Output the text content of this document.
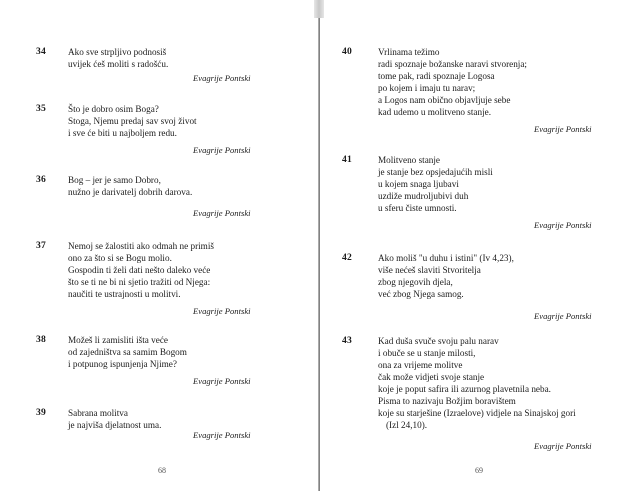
34 Ako sve strpljivo podnosiš
uvijek ćeš moliti s radošću.
Evagrije Pontski
35 Što je dobro osim Boga?
Stoga, Njemu predaj sav svoj život
i sve će biti u najboljem redu.
Evagrije Pontski
36 Bog – jer je samo Dobro,
nužno je darivatelj dobrih darova.
Evagrije Pontski
37 Nemoj se žalostiti ako odmah ne primiš
ono za što si se Bogu molio.
Gospodin ti želi dati nešto daleko veće
što se ti ne bi ni sjetio tražiti od Njega:
naučiti te ustrajnosti u molitvi.
Evagrije Pontski
38 Možeš li zamisliti išta veće
od zajedništva sa samim Bogom
i potpunog ispunjenja Njime?
Evagrije Pontski
39 Sabrana molitva
je najviša djelatnost uma.
Evagrije Pontski
68
40	Vrlinama težimo
radi spoznaje božanske naravi stvorenja;
tome pak, radi spoznaje Logosa
po kojem i imaju tu narav;
a Logos nam obično objavljuje sebe
kad udemo u molitveno stanje.
Evagrije Pontski
41	Molitveno stanje
je stanje bez opsjedajućih misli
u kojem snaga ljubavi
uzdiže mudroljubivi duh
u sferu čiste umnosti.
Evagrije Pontski
42	Ako moliš "u duhu i istini" (Iv 4,23),
više nećeš slaviti Stvoritelja
zbog njegovih djela,
već zbog Njega samog.
Evagrije Pontski
43	Kad duša svuče svoju palu narav
i obuče se u stanje milosti,
ona za vrijeme molitve
čak može vidjeti svoje stanje
koje je poput safira ili azurnog plavetnila neba.
Pisma to nazivaju Božjim boravištem
koje su starješine (Izraelove) vidjele na Sinajskoj gori
(Izl 24,10).
Evagrije Pontski
69
